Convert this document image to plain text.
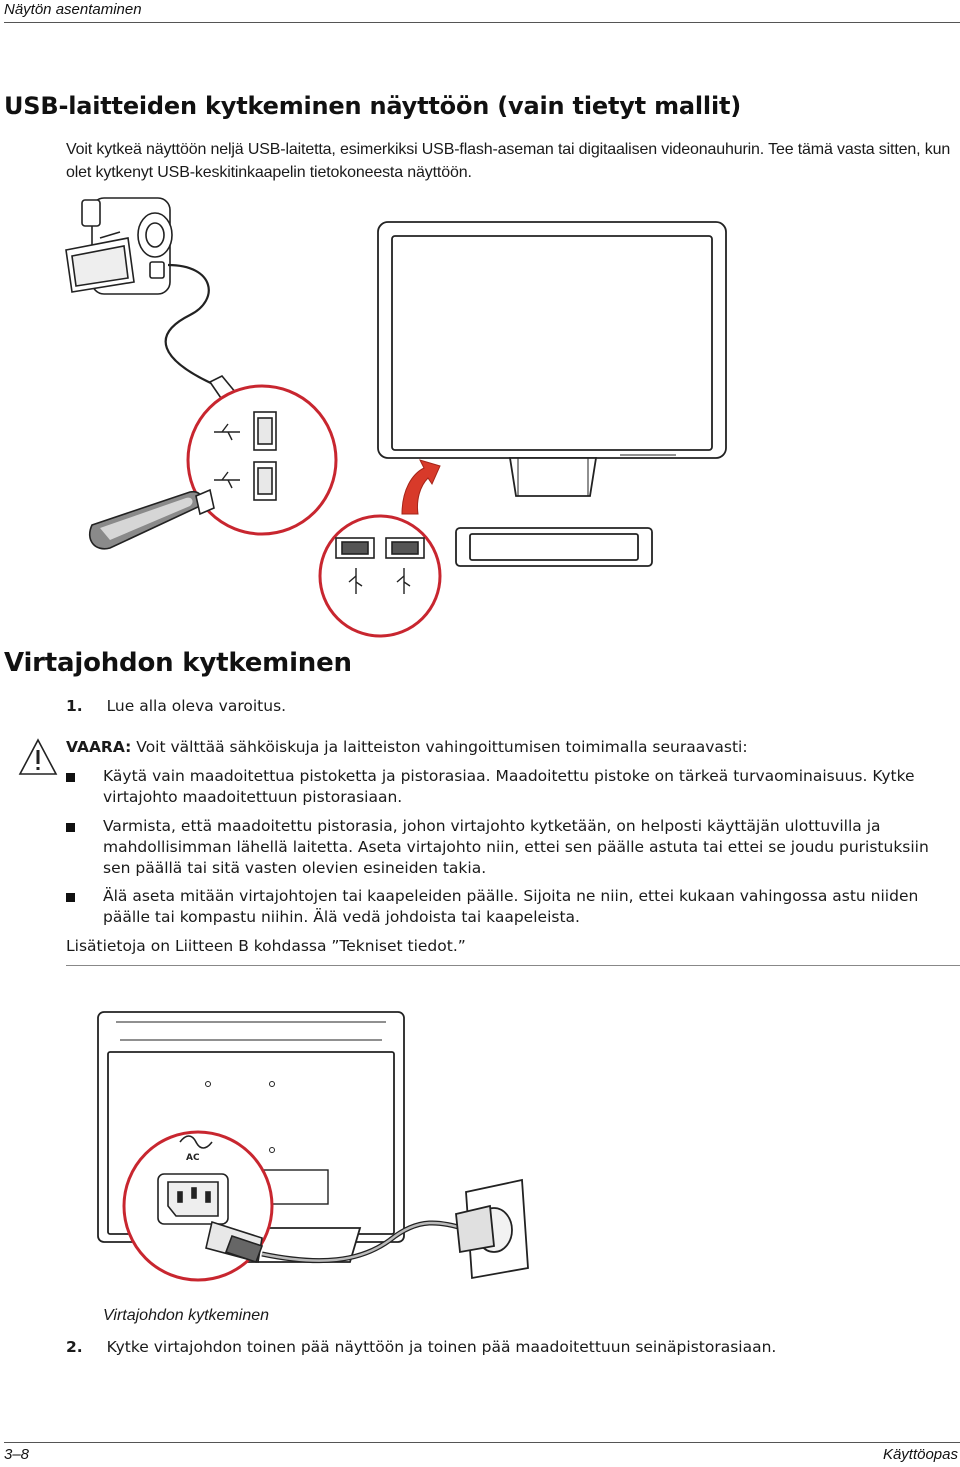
Näytön asentaminen
USB-laitteiden kytkeminen näyttöön (vain tietyt mallit)
Voit kytkeä näyttöön neljä USB-laitetta, esimerkiksi USB-flash-aseman tai digitaalisen videonauhurin. Tee tämä vasta sitten, kun olet kytkenyt USB-keskitinkaapelin tietokoneesta näyttöön.
Virtajohdon kytkeminen
1. Lue alla oleva varoitus.
VAARA: Voit välttää sähköiskuja ja laitteiston vahingoittumisen toimimalla seuraavasti:
Käytä vain maadoitettua pistoketta ja pistorasiaa. Maadoitettu pistoke on tärkeä turvaominaisuus. Kytke virtajohto maadoitettuun pistorasiaan.
Varmista, että maadoitettu pistorasia, johon virtajohto kytketään, on helposti käyttäjän ulottuvilla ja mahdollisimman lähellä laitetta. Aseta virtajohto niin, ettei sen päälle astuta tai ettei se joudu puristuksiin sen päällä tai sitä vasten olevien esineiden takia.
Älä aseta mitään virtajohtojen tai kaapeleiden päälle. Sijoita ne niin, ettei kukaan vahingossa astu niiden päälle tai kompastu niihin. Älä vedä johdoista tai kaapeleista.
Lisätietoja on Liitteen B kohdassa ”Tekniset tiedot.”
AC
Virtajohdon kytkeminen
2. Kytke virtajohdon toinen pää näyttöön ja toinen pää maadoitettuun seinäpistorasiaan.
3–8	Käyttöopas
